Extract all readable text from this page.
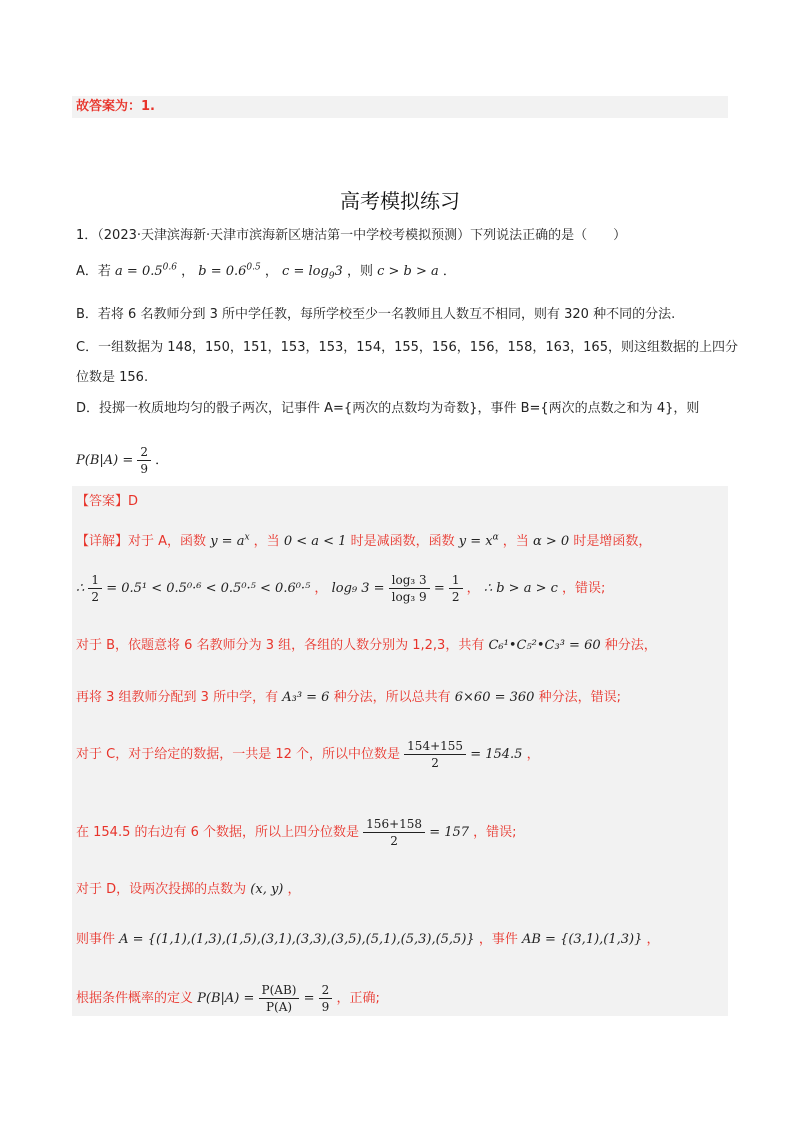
故答案为：1.
高考模拟练习
1．（2023·天津滨海新·天津市滨海新区塘沽第一中学校考模拟预测）下列说法正确的是（　　）
A．若 $a = 0.5^{0.6}$ ， $b = 0.6^{0.5}$ ， $c = \log_93$ ，则 c > b > a ．
B．若将 6 名教师分到 3 所中学任教，每所学校至少一名教师且人数互不相同，则有 320 种不同的分法.
C．一组数据为 148，150，151，153，153，154，155，156，156，158，163，165，则这组数据的上四分
位数是 156.
D．投掷一枚质地均匀的骰子两次，记事件 A={两次的点数均为奇数}，事件 B={两次的点数之和为 4}，则
$P(B|A) = \frac{2}{9}$ ．
【答案】D
【详解】对于 A，函数 $y = a^x$ ，当 0 < a < 1 时是减函数，函数 $y = x^\alpha$ ，当 α > 0 时是增函数，
∴ $\frac{1}{2} = 0.5^1 < 0.5^0\cdot^6 < 0.5^0\cdot^5 < 0.6^0\cdot^5$ ， log₉ $3 = \frac{\text{log₃ 3}}{\text{log₃ 9}} = \frac{1}{2}$ ， ∴ b > a > c ，错误;
对于 B，依题意将 6 名教师分为 3 组，各组的人数分别为 1,2,3，共有 C₆¹•C₅²•C₃³ = 60 种分法，
再将 3 组教师分配到 3 所中学，有 A₃³ = 6 种分法，所以总共有 6×60 = 360 种分法，错误;
对于 C，对于给定的数据，一共是 12 个，所以中位数是 $\frac{154+155}{2} = 154.5$ ，
在 154.5 的右边有 6 个数据，所以上四分位数是 $\frac{156+158}{2} = 157$ ，错误;
对于 D，设两次投掷的点数为 (x, y) ，
则事件 A = {(1,1),(1,3),(1,5),(3,1),(3,3),(3,5),(5,1),(5,3),(5,5)} ，事件 AB = {(3,1),(1,3)} ，
根据条件概率的定义 $P(B|A) = \frac{P(AB)}{P(A)} = \frac{2}{9}$ ，正确;
